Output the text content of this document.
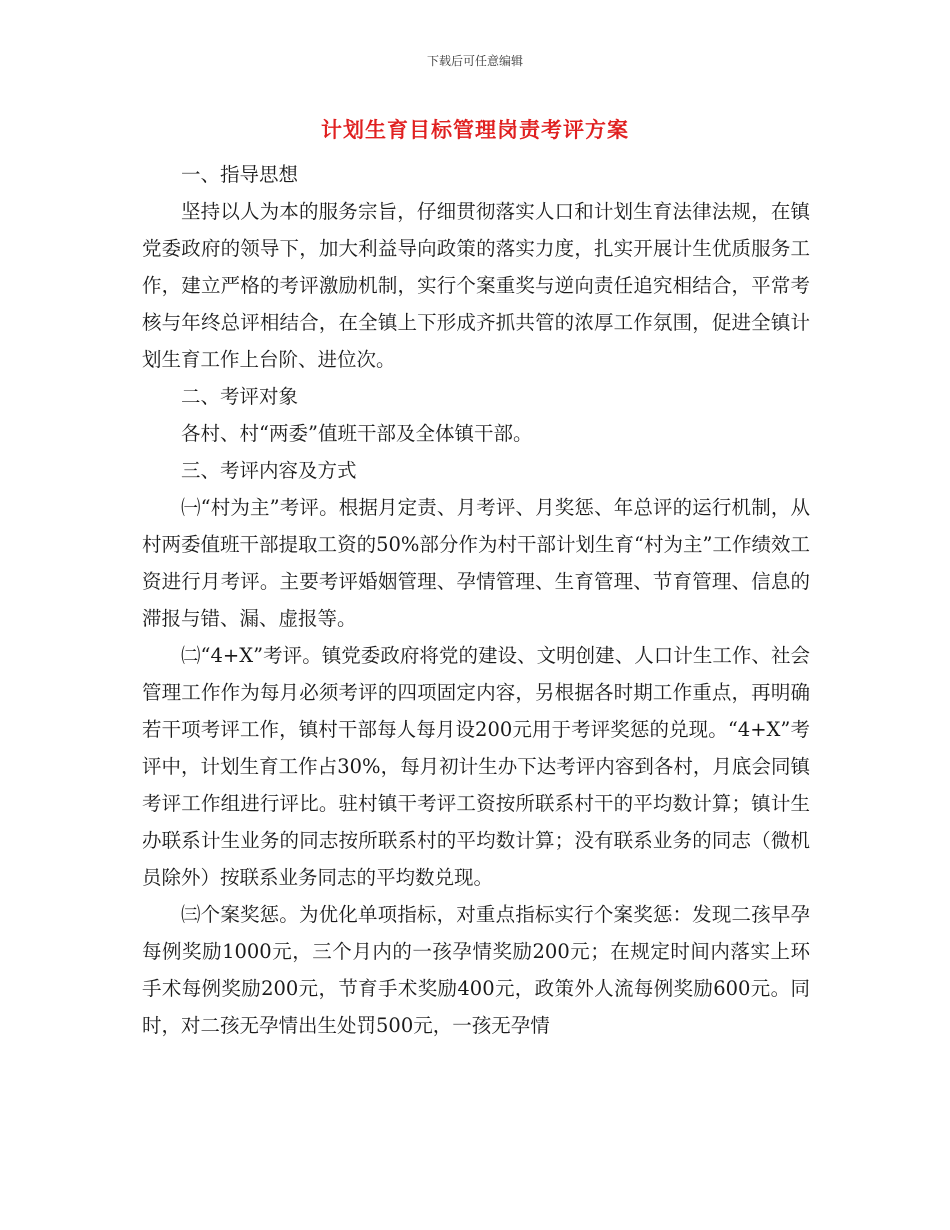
下载后可任意编辑
计划生育目标管理岗责考评方案

一、指导思想

坚持以人为本的服务宗旨，仔细贯彻落实人口和计划生育法律法规，在镇党委政府的领导下，加大利益导向政策的落实力度，扎实开展计生优质服务工作，建立严格的考评激励机制，实行个案重奖与逆向责任追究相结合，平常考核与年终总评相结合，在全镇上下形成齐抓共管的浓厚工作氛围，促进全镇计划生育工作上台阶、进位次。

二、考评对象

各村、村“两委”值班干部及全体镇干部。

三、考评内容及方式

㈠“村为主”考评。根据月定责、月考评、月奖惩、年总评的运行机制，从村两委值班干部提取工资的50%部分作为村干部计划生育“村为主”工作绩效工资进行月考评。主要考评婚姻管理、孕情管理、生育管理、节育管理、信息的滞报与错、漏、虚报等。

㈡“4+X”考评。镇党委政府将党的建设、文明创建、人口计生工作、社会管理工作作为每月必须考评的四项固定内容，另根据各时期工作重点，再明确若干项考评工作，镇村干部每人每月设200元用于考评奖惩的兑现。“4+X”考评中，计划生育工作占30%，每月初计生办下达考评内容到各村，月底会同镇考评工作组进行评比。驻村镇干考评工资按所联系村干的平均数计算；镇计生办联系计生业务的同志按所联系村的平均数计算；没有联系业务的同志（微机员除外）按联系业务同志的平均数兑现。

㈢个案奖惩。为优化单项指标，对重点指标实行个案奖惩：发现二孩早孕每例奖励1000元，三个月内的一孩孕情奖励200元；在规定时间内落实上环手术每例奖励200元，节育手术奖励400元，政策外人流每例奖励600元。同时，对二孩无孕情出生处罚500元，一孩无孕情
